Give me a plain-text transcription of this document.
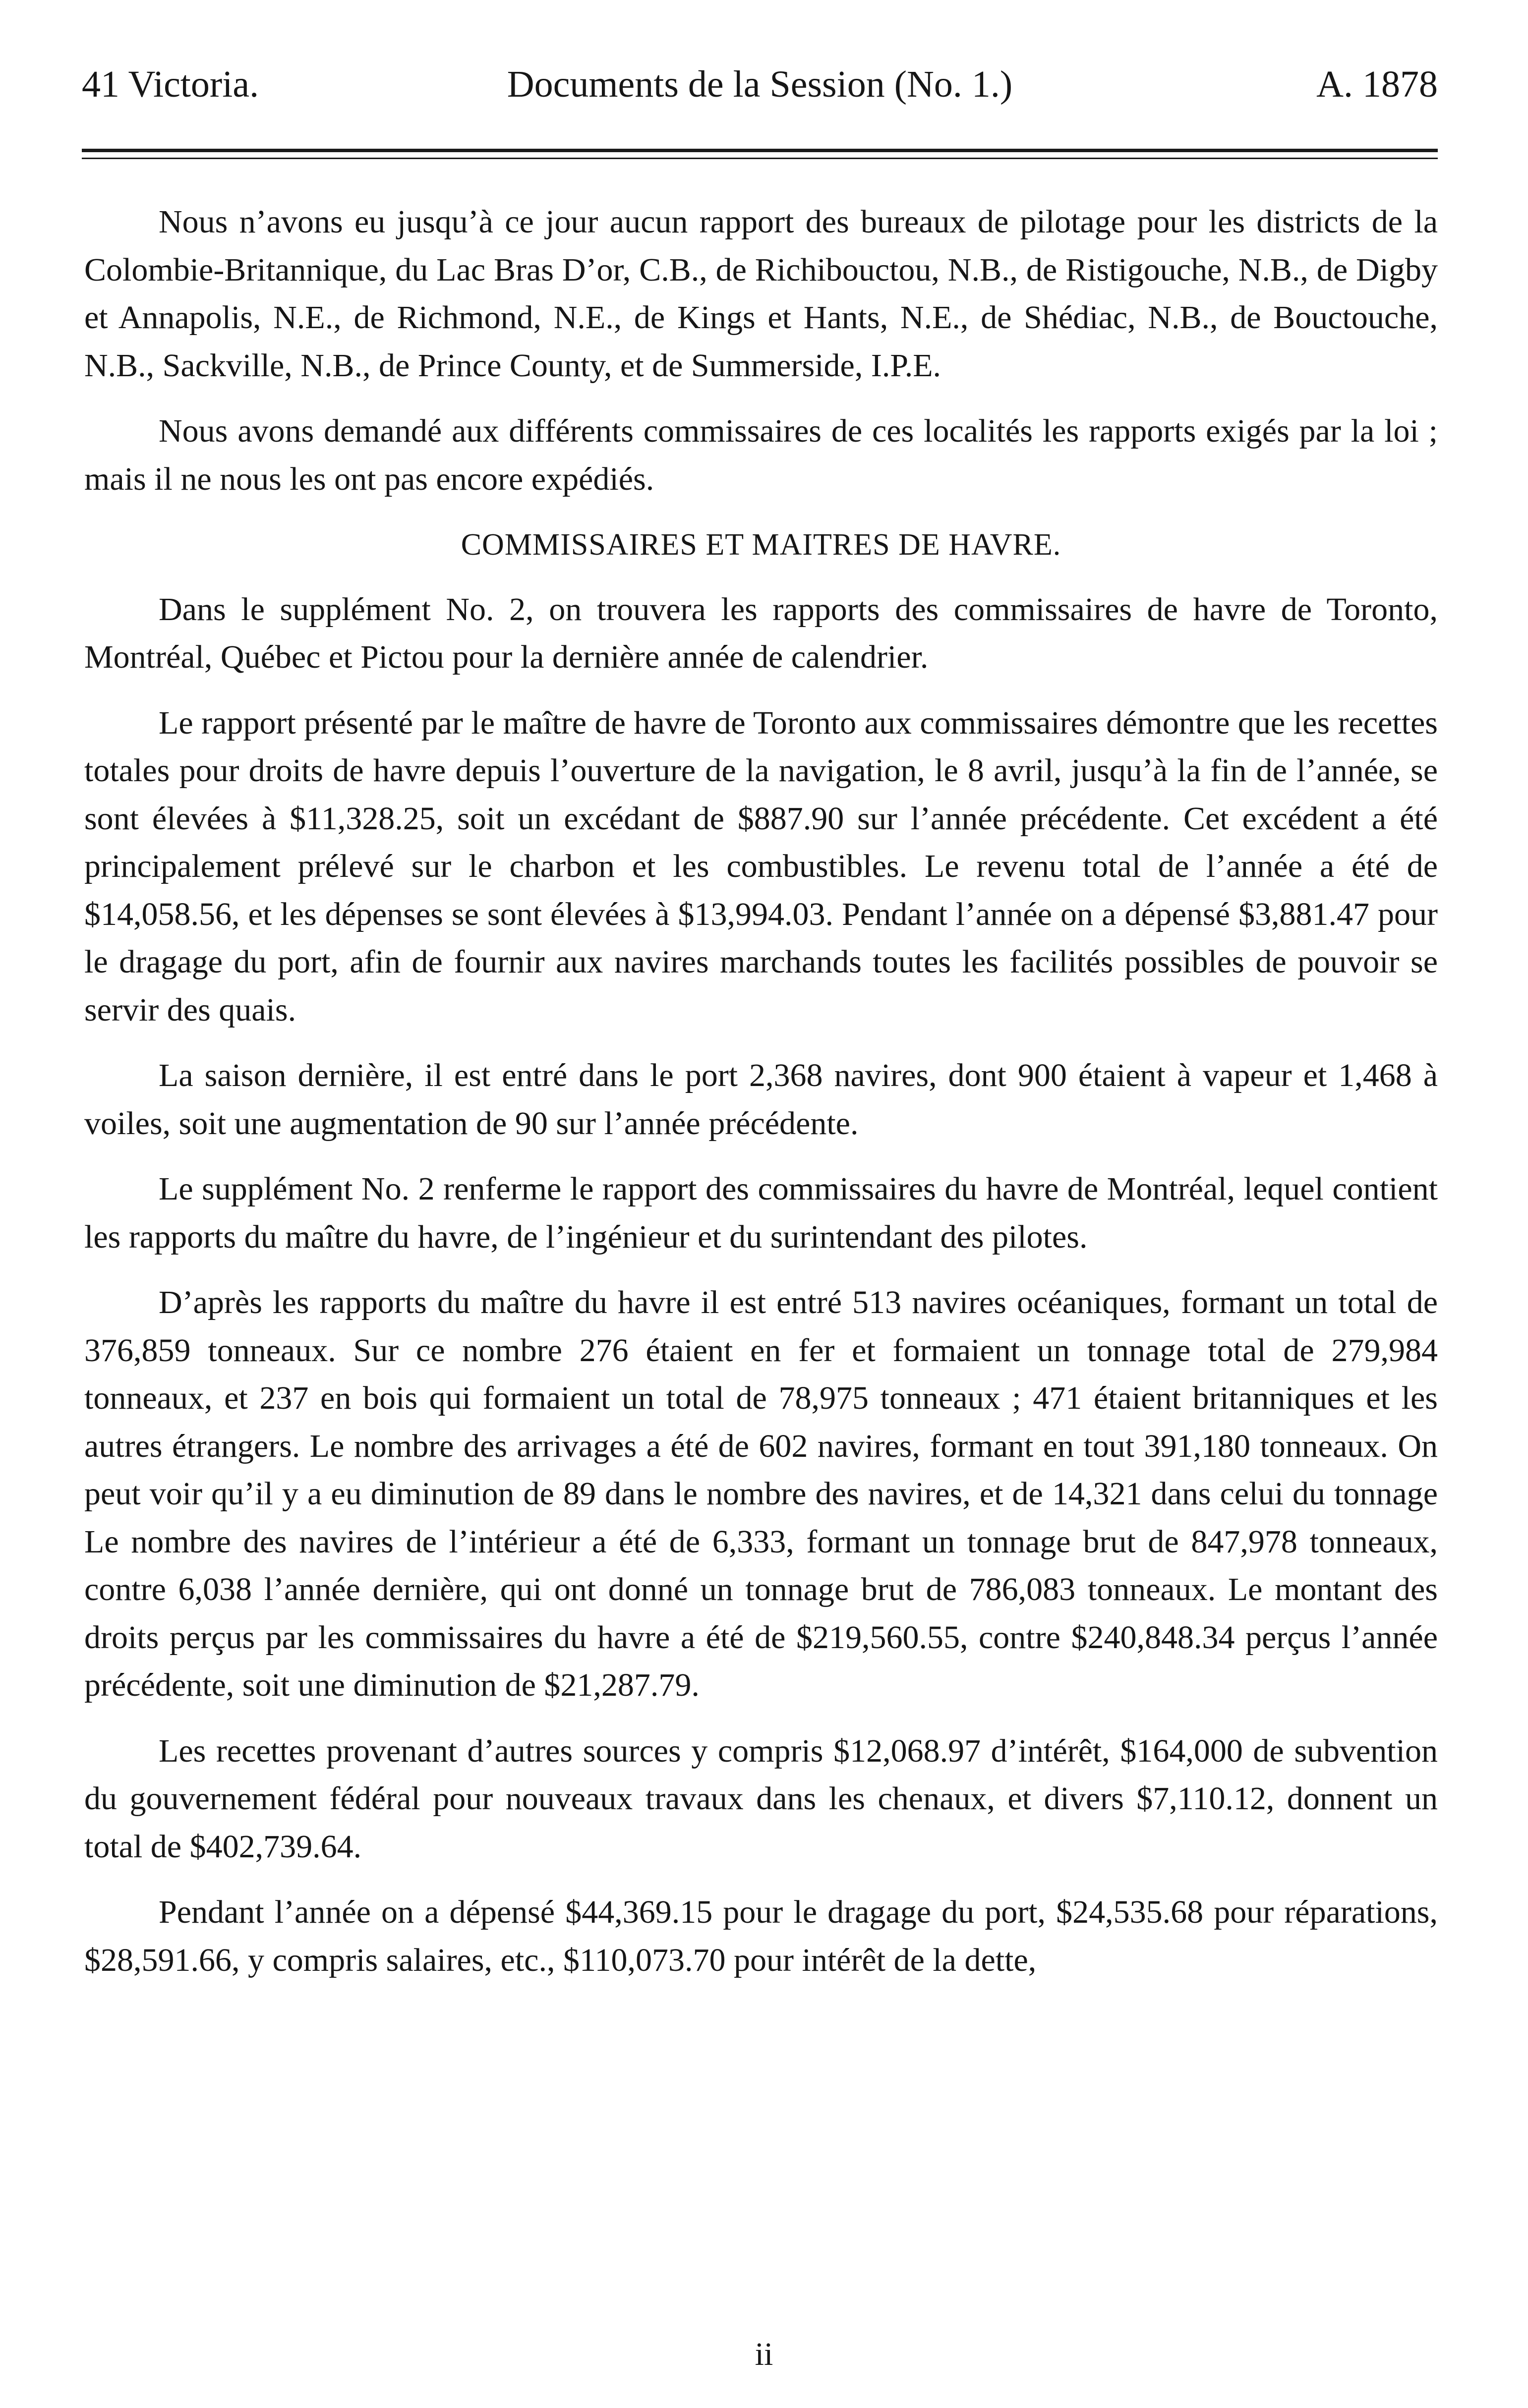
41 Victoria.	Documents de la Session (No. 1.)	A. 1878

Nous n’avons eu jusqu’à ce jour aucun rapport des bureaux de pilotage pour les districts de la Colombie-Britannique, du Lac Bras D’or, C.B., de Richibouctou, N.B., de Ristigouche, N.B., de Digby et Annapolis, N.E., de Richmond, N.E., de Kings et Hants, N.E., de Shédiac, N.B., de Bouctouche, N.B., Sackville, N.B., de Prince County, et de Summerside, I.P.E.

Nous avons demandé aux différents commissaires de ces localités les rapports exigés par la loi ; mais il ne nous les ont pas encore expédiés.

COMMISSAIRES ET MAITRES DE HAVRE.

Dans le supplément No. 2, on trouvera les rapports des commissaires de havre de Toronto, Montréal, Québec et Pictou pour la dernière année de calendrier.

Le rapport présenté par le maître de havre de Toronto aux commissaires démontre que les recettes totales pour droits de havre depuis l’ouverture de la navigation, le 8 avril, jusqu’à la fin de l’année, se sont élevées à $11,328.25, soit un excédant de $887.90 sur l’année précédente. Cet excédent a été principalement prélevé sur le charbon et les combustibles. Le revenu total de l’année a été de $14,058.56, et les dépenses se sont élevées à $13,994.03. Pendant l’année on a dépensé $3,881.47 pour le dragage du port, afin de fournir aux navires marchands toutes les facilités possibles de pouvoir se servir des quais.

La saison dernière, il est entré dans le port 2,368 navires, dont 900 étaient à vapeur et 1,468 à voiles, soit une augmentation de 90 sur l’année précédente.

Le supplément No. 2 renferme le rapport des commissaires du havre de Montréal, lequel contient les rapports du maître du havre, de l’ingénieur et du surintendant des pilotes.

D’après les rapports du maître du havre il est entré 513 navires océaniques, formant un total de 376,859 tonneaux. Sur ce nombre 276 étaient en fer et formaient un tonnage total de 279,984 tonneaux, et 237 en bois qui formaient un total de 78,975 tonneaux ; 471 étaient britanniques et les autres étrangers. Le nombre des arrivages a été de 602 navires, formant en tout 391,180 tonneaux. On peut voir qu’il y a eu diminution de 89 dans le nombre des navires, et de 14,321 dans celui du tonnage Le nombre des navires de l’intérieur a été de 6,333, formant un tonnage brut de 847,978 tonneaux, contre 6,038 l’année dernière, qui ont donné un tonnage brut de 786,083 tonneaux. Le montant des droits perçus par les commissaires du havre a été de $219,560.55, contre $240,848.34 perçus l’année précédente, soit une diminution de $21,287.79.

Les recettes provenant d’autres sources y compris $12,068.97 d’intérêt, $164,000 de subvention du gouvernement fédéral pour nouveaux travaux dans les chenaux, et divers $7,110.12, donnent un total de $402,739.64.

Pendant l’année on a dépensé $44,369.15 pour le dragage du port, $24,535.68 pour réparations, $28,591.66, y compris salaires, etc., $110,073.70 pour intérêt de la dette,

ii
